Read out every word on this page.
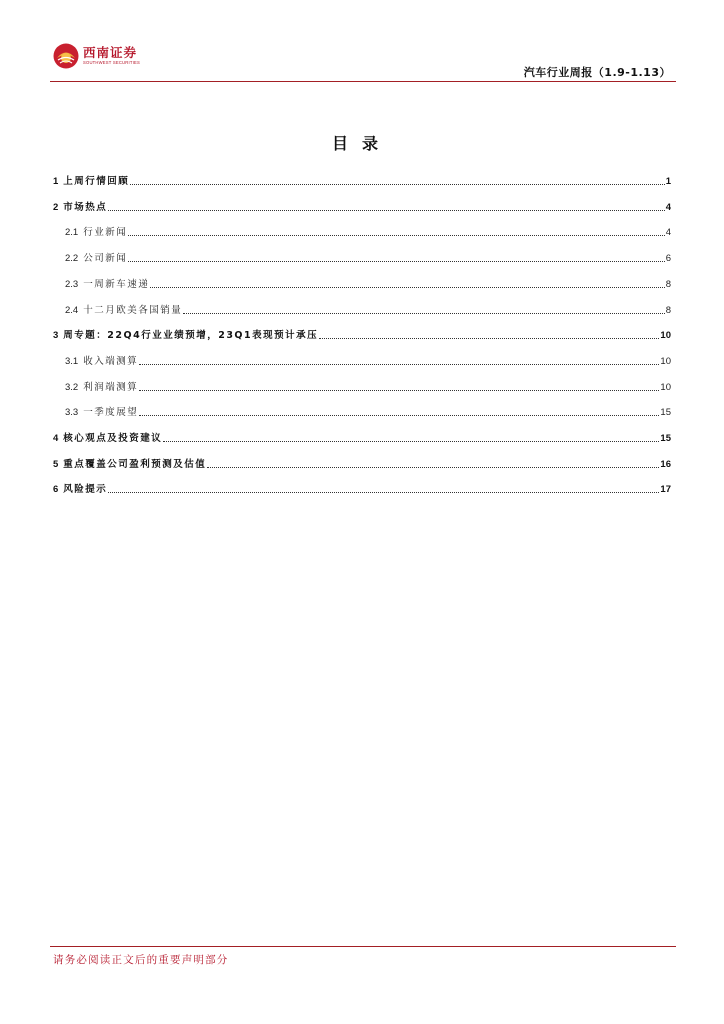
西南证券
SOUTHWEST SECURITIES
汽车行业周报（1.9-1.13）
目录
1 上周行情回顾	1
2 市场热点	4
2.1 行业新闻	4
2.2 公司新闻	6
2.3 一周新车速递	8
2.4 十二月欧美各国销量	8
3 周专题：22Q4行业业绩预增，23Q1表现预计承压	10
3.1 收入端测算	10
3.2 利润端测算	10
3.3 一季度展望	15
4 核心观点及投资建议	15
5 重点覆盖公司盈利预测及估值	16
6 风险提示	17
请务必阅读正文后的重要声明部分
